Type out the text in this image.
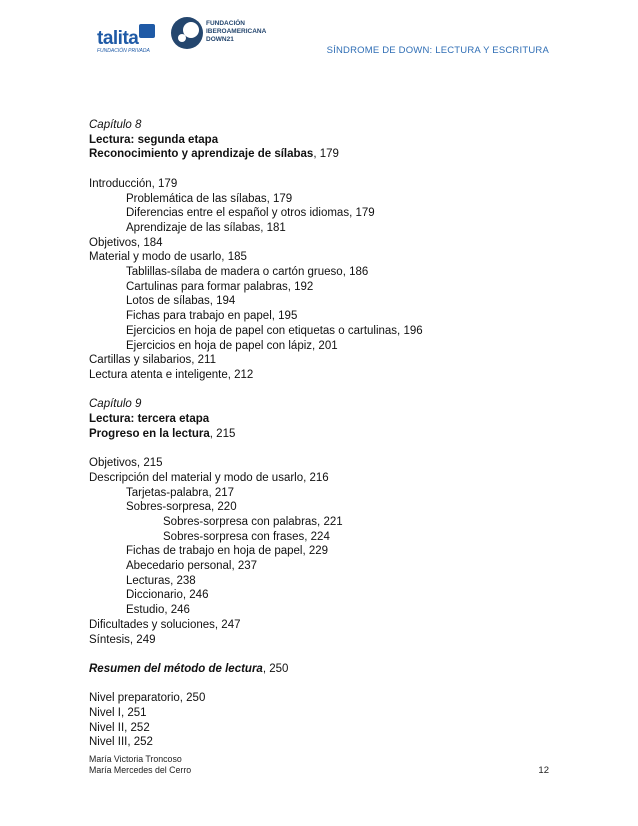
talita
FUNDACIÓN PRIVADA
FUNDACIÓN
IBEROAMERICANA
DOWN21
SÍNDROME DE DOWN: LECTURA Y ESCRITURA
Capítulo 8
Lectura: segunda etapa
Reconocimiento y aprendizaje de sílabas, 179
Introducción, 179
Problemática de las sílabas, 179
Diferencias entre el español y otros idiomas, 179
Aprendizaje de las sílabas, 181
Objetivos, 184
Material y modo de usarlo, 185
Tablillas-sílaba de madera o cartón grueso, 186
Cartulinas para formar palabras, 192
Lotos de sílabas, 194
Fichas para trabajo en papel, 195
Ejercicios en hoja de papel con etiquetas o cartulinas, 196
Ejercicios en hoja de papel con lápiz, 201
Cartillas y silabarios, 211
Lectura atenta e inteligente, 212
Capítulo 9
Lectura: tercera etapa
Progreso en la lectura, 215
Objetivos, 215
Descripción del material y modo de usarlo, 216
Tarjetas-palabra, 217
Sobres-sorpresa, 220
Sobres-sorpresa con palabras, 221
Sobres-sorpresa con frases, 224
Fichas de trabajo en hoja de papel, 229
Abecedario personal, 237
Lecturas, 238
Diccionario, 246
Estudio, 246
Dificultades y soluciones, 247
Síntesis, 249
Resumen del método de lectura, 250
Nivel preparatorio, 250
Nivel I, 251
Nivel II, 252
Nivel III, 252
María Victoria Troncoso
María Mercedes del Cerro	12
